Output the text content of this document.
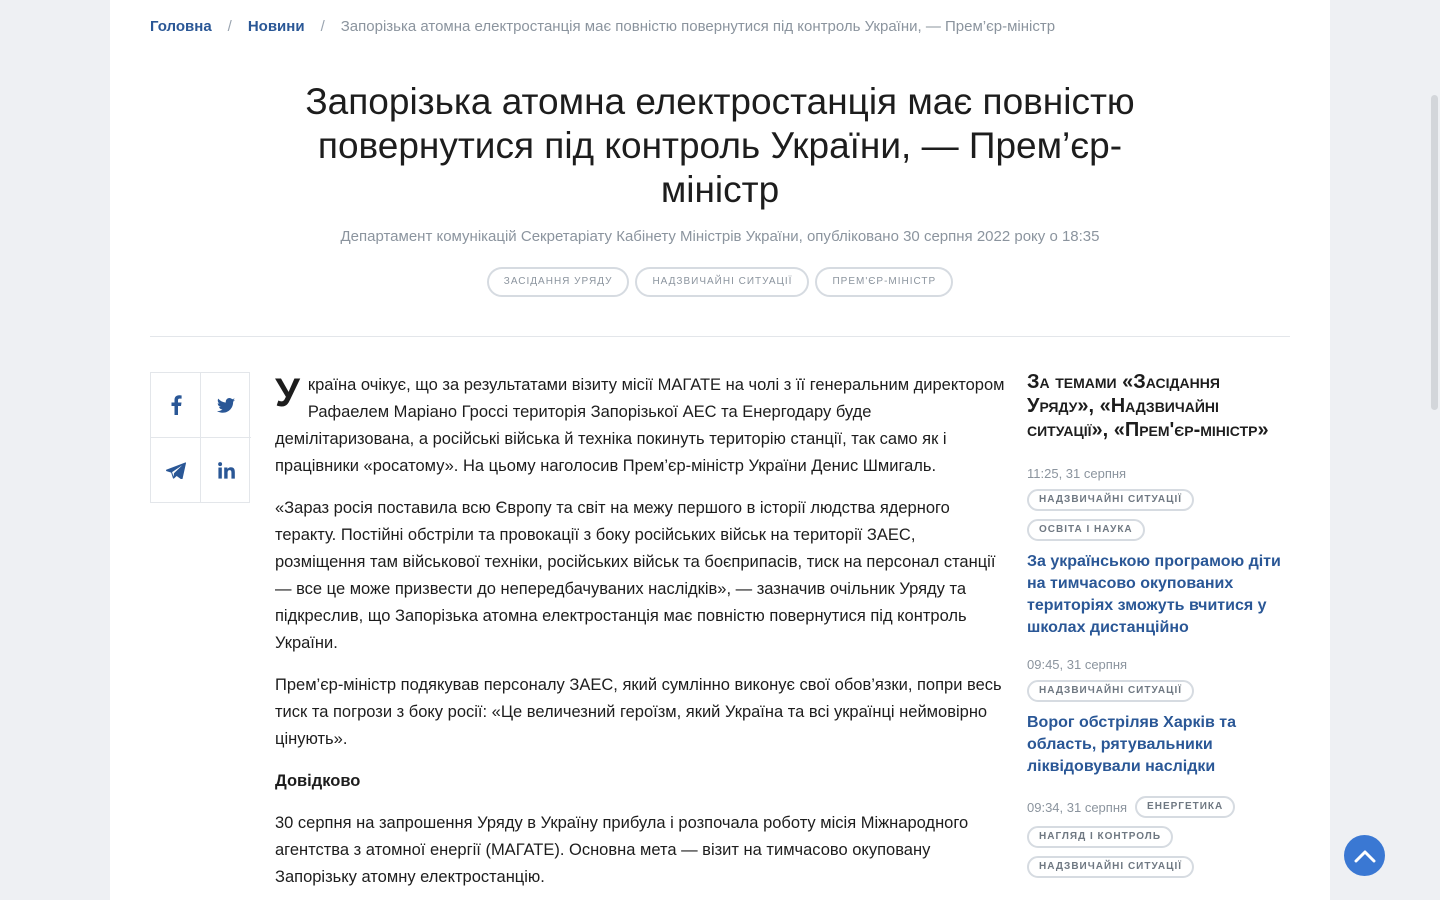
Головна / Новини / Запорізька атомна електростанція має повністю повернутися під контроль України, — Прем’єр-міністр
Запорізька атомна електростанція має повністю повернутися під контроль України, — Прем’єр-міністр
Департамент комунікацій Секретаріату Кабінету Міністрів України, опубліковано 30 серпня 2022 року о 18:35
ЗАСІДАННЯ УРЯДУ	НАДЗВИЧАЙНІ СИТУАЦІЇ	ПРЕМ'ЄР-МІНІСТР

Україна очікує, що за результатами візиту місії МАГАТЕ на чолі з її генеральним директором Рафаелем Маріано Гроссі територія Запорізької АЕС та Енергодару буде демілітаризована, а російські війська й техніка покинуть територію станції, так само як і працівники «росатому». На цьому наголосив Прем’єр-міністр України Денис Шмигаль.

«Зараз росія поставила всю Європу та світ на межу першого в історії людства ядерного теракту. Постійні обстріли та провокації з боку російських військ на території ЗАЕС, розміщення там військової техніки, російських військ та боєприпасів, тиск на персонал станції — все це може призвести до непередбачуваних наслідків», — зазначив очільник Уряду та підкреслив, що Запорізька атомна електростанція має повністю повернутися під контроль України.

Прем’єр-міністр подякував персоналу ЗАЕС, який сумлінно виконує свої обов’язки, попри весь тиск та погрози з боку росії: «Це величезний героїзм, який Україна та всі українці неймовірно цінують».

Довідково

30 серпня на запрошення Уряду в Україну прибула і розпочала роботу місія Міжнародного агентства з атомної енергії (МАГАТЕ). Основна мета — візит на тимчасово окуповану Запорізьку атомну електростанцію.

За темами «Засідання Уряду», «Надзвичайні ситуації», «Прем'єр-міністр»
11:25, 31 серпня
НАДЗВИЧАЙНІ СИТУАЦІЇ
ОСВІТА І НАУКА
За українською програмою діти на тимчасово окупованих територіях зможуть вчитися у школах дистанційно
09:45, 31 серпня
НАДЗВИЧАЙНІ СИТУАЦІЇ
Ворог обстріляв Харків та область, рятувальники ліквідовували наслідки
09:34, 31 серпня	ЕНЕРГЕТИКА
НАГЛЯД І КОНТРОЛЬ
НАДЗВИЧАЙНІ СИТУАЦІЇ
